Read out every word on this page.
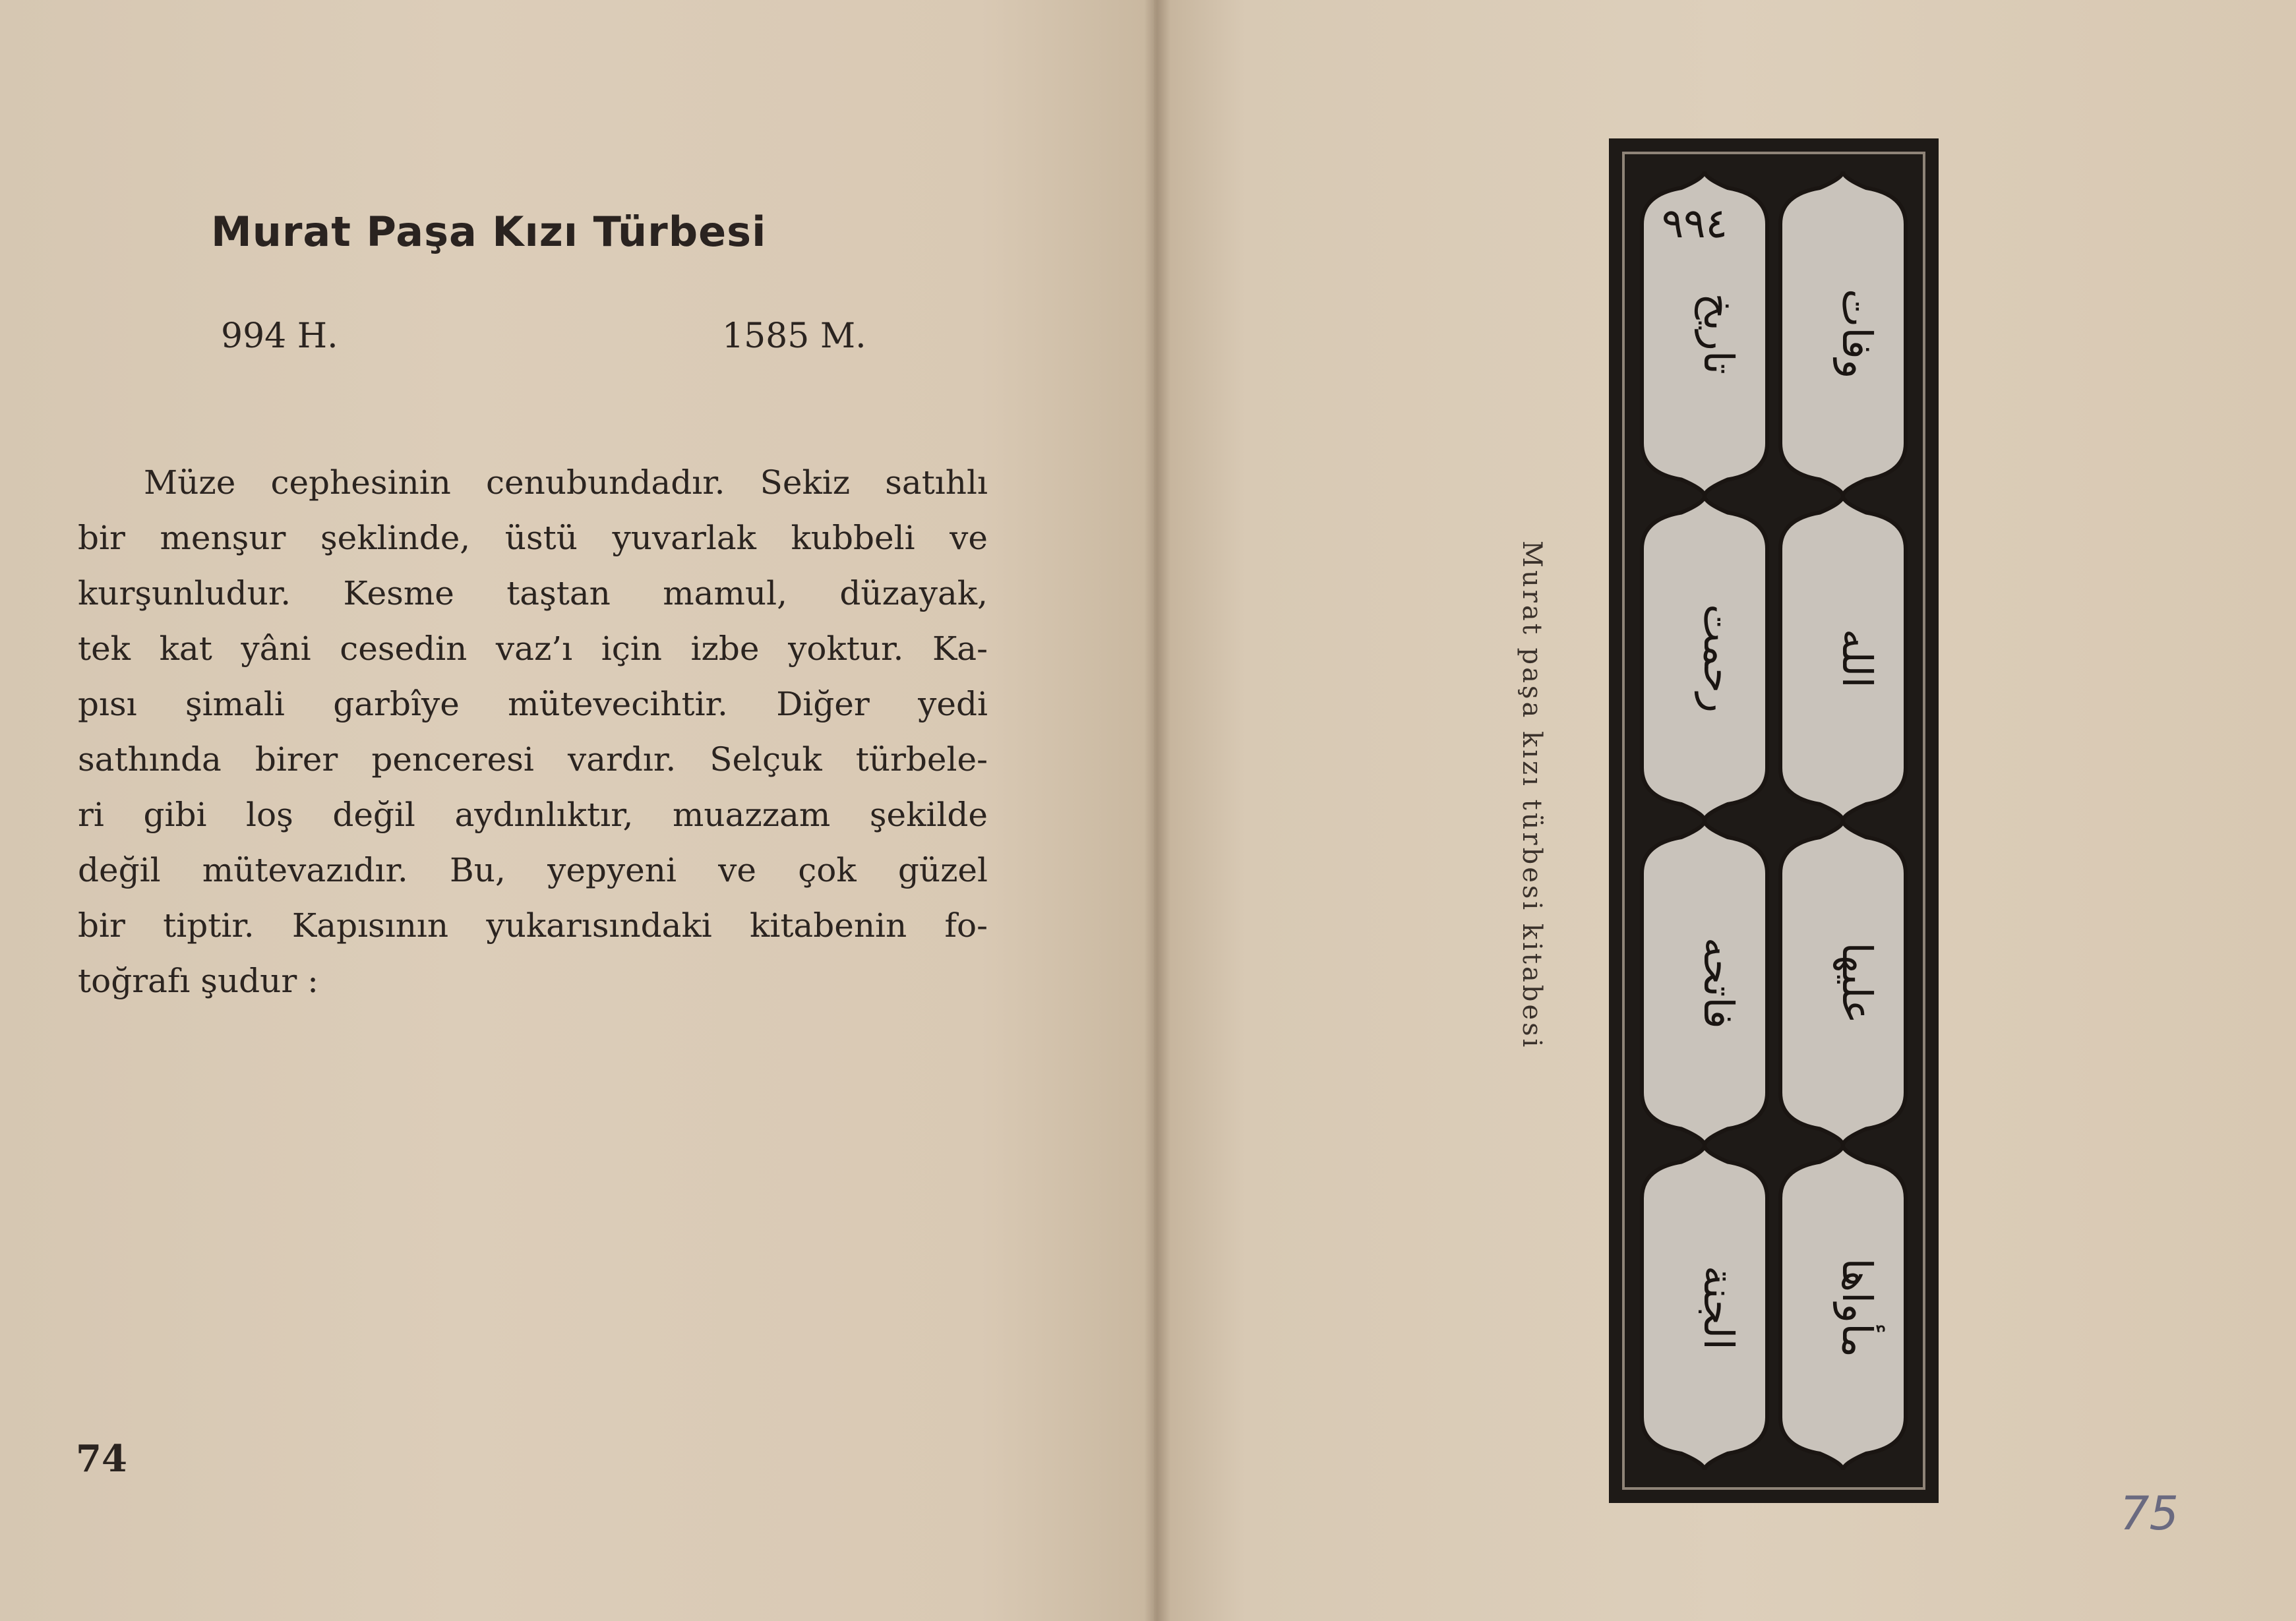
Murat Paşa Kızı Türbesi
994 H.	1585 M.
Müze cephesinin cenubundadır. Sekiz satıhlı
bir menşur şeklinde, üstü yuvarlak kubbeli ve
kurşunludur. Kesme taştan mamul, düzayak,
tek kat yâni cesedin vaz’ı için izbe yoktur. Ka-
pısı şimali garbîye mütevecihtir. Diğer yedi
sathında birer penceresi vardır. Selçuk türbele-
ri gibi loş değil aydınlıktır, muazzam şekilde
değil mütevazıdır. Bu, yepyeni ve çok güzel
bir tiptir. Kapısının yukarısındaki kitabenin fo-
toğrafı şudur :
74
Murat paşa kızı türbesi kitabesi
تاريخ وفات
رحمت الله
فاتحه عليها
الجنة مأواها
٩٩٤
75
